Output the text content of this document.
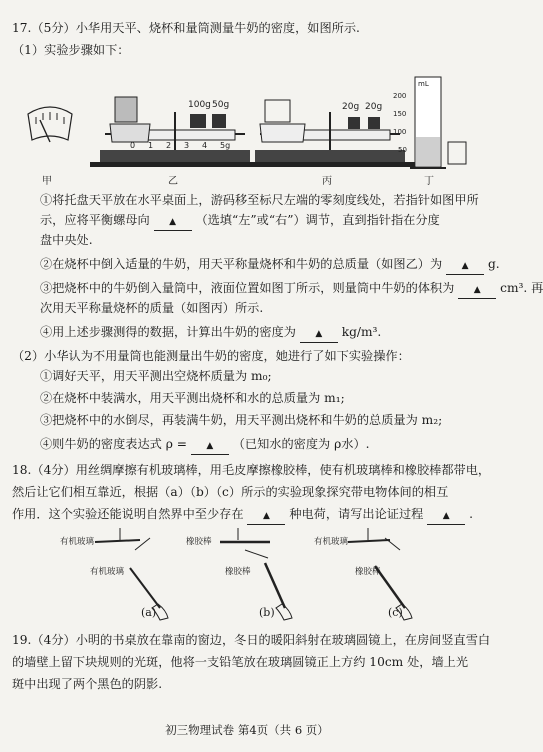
17.（5分）小华用天平、烧杯和量筒测量牛奶的密度，如图所示.
（1）实验步骤如下：
100g 50g
0 1 2 3 4 5g
20g 20g
mL
200
150
100
50
甲	乙	丙	丁
①将托盘天平放在水平桌面上，游码移至标尺左端的零刻度线处，若指针如图甲所
示，应将平衡螺母向 ▲ （选填“左”或“右”）调节，直到指针指在分度
盘中央处.
②在烧杯中倒入适量的牛奶，用天平称量烧杯和牛奶的总质量（如图乙）为 ▲ g.
③把烧杯中的牛奶倒入量筒中，液面位置如图丁所示，则量筒中牛奶的体积为 ▲ cm³. 再
次用天平称量烧杯的质量（如图丙）所示.
④用上述步骤测得的数据，计算出牛奶的密度为 ▲ kg/m³.
（2）小华认为不用量筒也能测量出牛奶的密度，她进行了如下实验操作：
①调好天平，用天平测出空烧杯质量为 m₀;
②在烧杯中装满水，用天平测出烧杯和水的总质量为 m₁;
③把烧杯中的水倒尽，再装满牛奶，用天平测出烧杯和牛奶的总质量为 m₂;
④则牛奶的密度表达式 ρ = ▲ （已知水的密度为 ρ水）.
18.（4分）用丝绸摩擦有机玻璃棒，用毛皮摩擦橡胶棒，使有机玻璃棒和橡胶棒都带电，
然后让它们相互靠近，根据（a）（b）（c）所示的实验现象探究带电物体间的相互
作用．这个实验还能说明自然界中至少存在 ▲ 种电荷，请写出论证过程 ▲ .
有机玻璃
有机玻璃
橡胶棒
橡胶棒
有机玻璃
橡胶棒
(a)	(b)	(c)
19.（4分）小明的书桌放在靠南的窗边，冬日的暖阳斜射在玻璃圆镜上，在房间竖直雪白
的墙壁上留下块规则的光斑，他将一支铅笔放在玻璃圆镜正上方约 10cm 处，墙上光
斑中出现了两个黑色的阴影.
初三物理试卷 第4页（共 6 页）
